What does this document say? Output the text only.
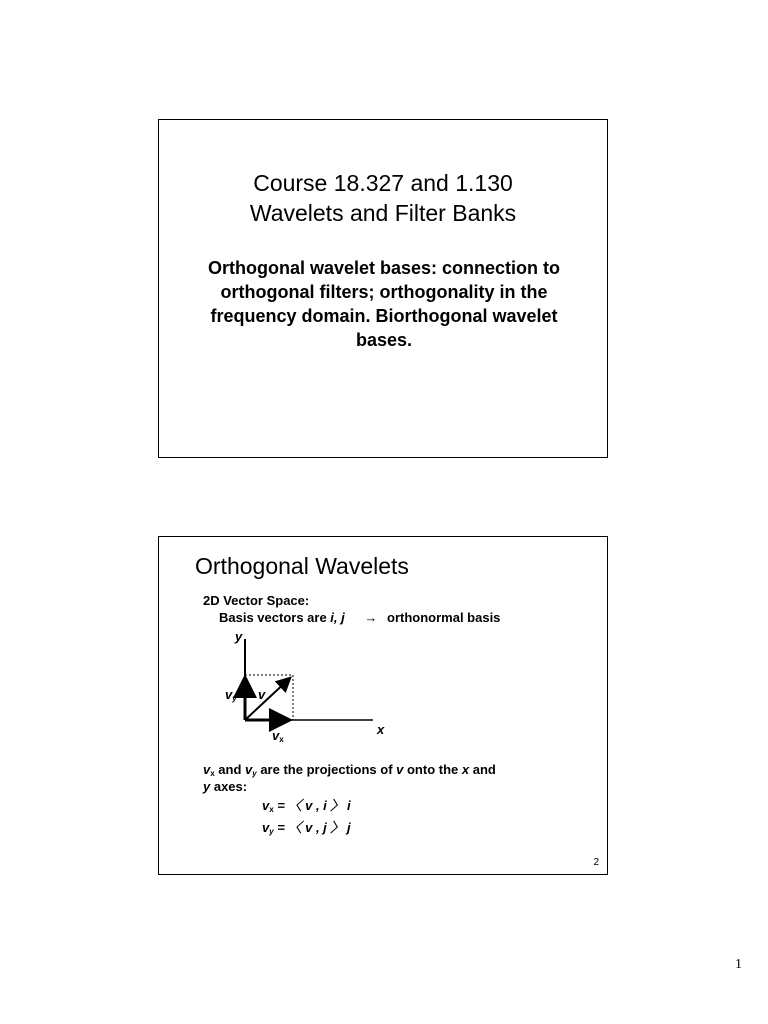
Course 18.327 and 1.130
Wavelets and Filter Banks
Orthogonal wavelet bases: connection to orthogonal filters; orthogonality in the frequency domain. Biorthogonal wavelet bases.
Orthogonal Wavelets
2D Vector Space:
Basis vectors are i, j → orthonormal basis
y
x
v
$v_y$
vx
vx and $v_y$ are the projections of v onto the x and
y axes:
vx = 〈 v , i 〉 i
$v_y$ = 〈 v , j 〉 j
2
1
